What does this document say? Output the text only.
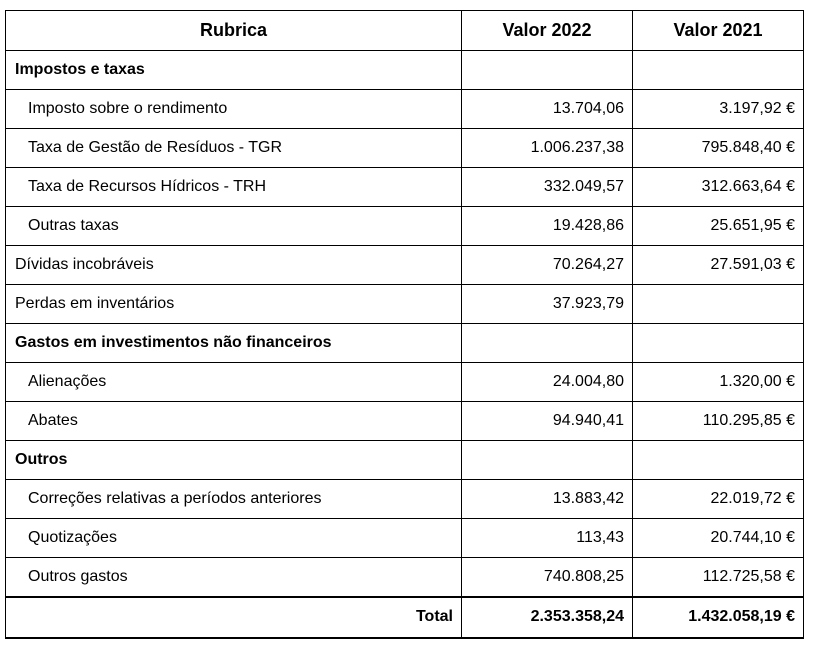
Rubrica	Valor 2022	Valor 2021
Impostos e taxas		
Imposto sobre o rendimento	13.704,06	3.197,92 €
Taxa de Gestão de Resíduos - TGR	1.006.237,38	795.848,40 €
Taxa de Recursos Hídricos - TRH	332.049,57	312.663,64 €
Outras taxas	19.428,86	25.651,95 €
Dívidas incobráveis	70.264,27	27.591,03 €
Perdas em inventários	37.923,79	
Gastos em investimentos não financeiros		
Alienações	24.004,80	1.320,00 €
Abates	94.940,41	110.295,85 €
Outros		
Correções relativas a períodos anteriores	13.883,42	22.019,72 €
Quotizações	113,43	20.744,10 €
Outros gastos	740.808,25	112.725,58 €
Total	2.353.358,24	1.432.058,19 €
